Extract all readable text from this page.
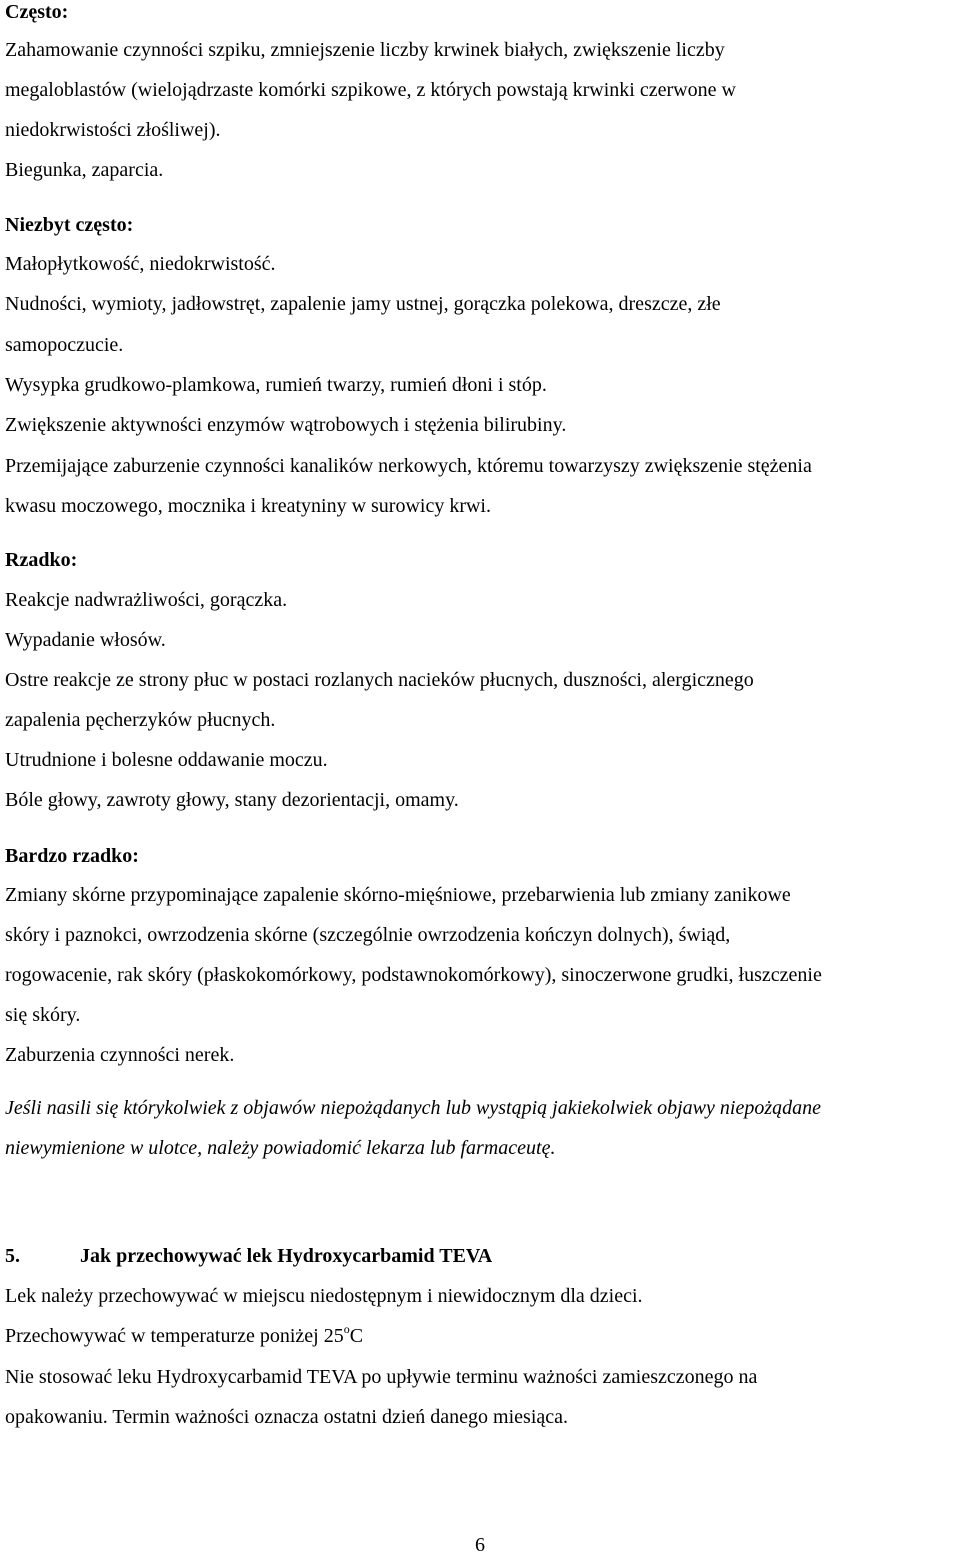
Często:
Zahamowanie czynności szpiku, zmniejszenie liczby krwinek białych, zwiększenie liczby
megaloblastów (wielojądrzaste komórki szpikowe, z których powstają krwinki czerwone w
niedokrwistości złośliwej).
Biegunka, zaparcia.
Niezbyt często:
Małopłytkowość, niedokrwistość.
Nudności, wymioty, jadłowstręt, zapalenie jamy ustnej, gorączka polekowa, dreszcze, złe
samopoczucie.
Wysypka grudkowo-plamkowa, rumień twarzy, rumień dłoni i stóp.
Zwiększenie aktywności enzymów wątrobowych i stężenia bilirubiny.
Przemijające zaburzenie czynności kanalików nerkowych, któremu towarzyszy zwiększenie stężenia
kwasu moczowego, mocznika i kreatyniny w surowicy krwi.
Rzadko:
Reakcje nadwrażliwości, gorączka.
Wypadanie włosów.
Ostre reakcje ze strony płuc w postaci rozlanych nacieków płucnych, duszności, alergicznego
zapalenia pęcherzyków płucnych.
Utrudnione i bolesne oddawanie moczu.
Bóle głowy, zawroty głowy, stany dezorientacji, omamy.
Bardzo rzadko:
Zmiany skórne przypominające zapalenie skórno-mięśniowe, przebarwienia lub zmiany zanikowe
skóry i paznokci, owrzodzenia skórne (szczególnie owrzodzenia kończyn dolnych), świąd,
rogowacenie, rak skóry (płaskokomórkowy, podstawnokomórkowy), sinoczerwone grudki, łuszczenie
się skóry.
Zaburzenia czynności nerek.
Jeśli nasili się którykolwiek z objawów niepożądanych lub wystąpią jakiekolwiek objawy niepożądane
niewymienione w ulotce, należy powiadomić lekarza lub farmaceutę.
5.	Jak przechowywać lek Hydroxycarbamid TEVA
Lek należy przechowywać w miejscu niedostępnym i niewidocznym dla dzieci.
Przechowywać w temperaturze poniżej 25$^o$C
Nie stosować leku Hydroxycarbamid TEVA po upływie terminu ważności zamieszczonego na
opakowaniu. Termin ważności oznacza ostatni dzień danego miesiąca.
6
